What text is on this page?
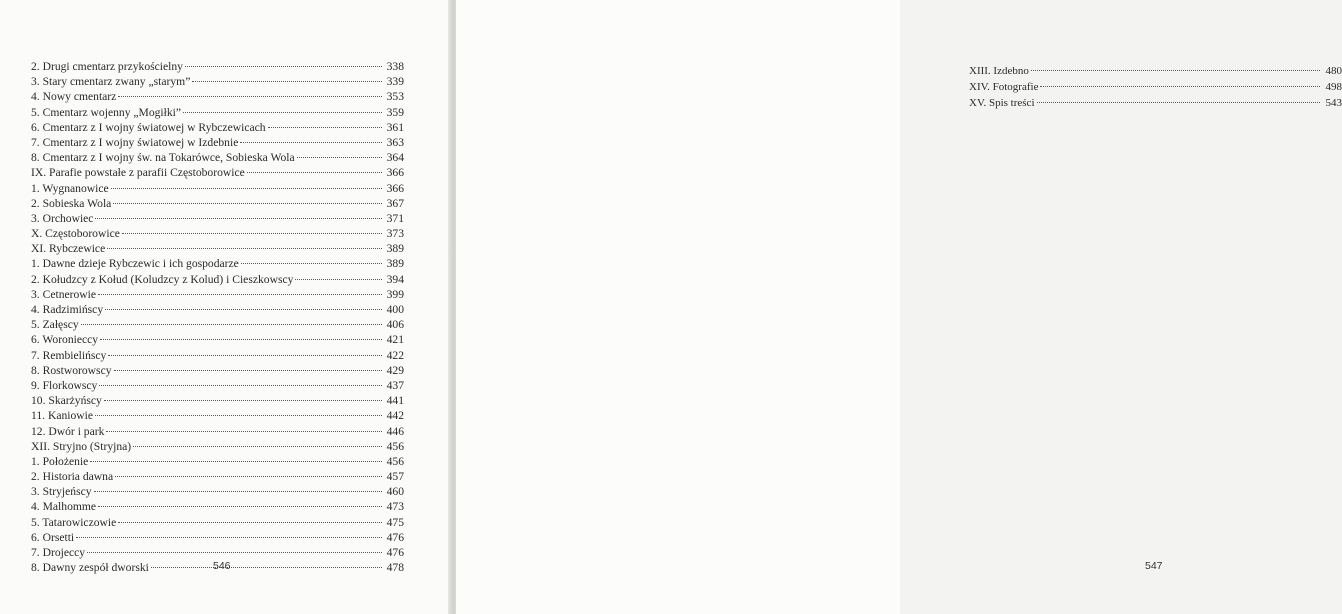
2. Drugi cmentarz przykościelny	338
3. Stary cmentarz zwany „starym”	339
4. Nowy cmentarz	353
5. Cmentarz wojenny „Mogiłki”	359
6. Cmentarz z I wojny światowej w Rybczewicach	361
7. Cmentarz z I wojny światowej w Izdebnie	363
8. Cmentarz z I wojny św. na Tokarówce, Sobieska Wola	364
IX. Parafie powstałe z parafii Częstoborowice	366
1. Wygnanowice	366
2. Sobieska Wola	367
3. Orchowiec	371
X. Częstoborowice	373
XI. Rybczewice	389
1. Dawne dzieje Rybczewic i ich gospodarze	389
2. Kołudzcy z Kołud (Koludzcy z Kolud) i Cieszkowscy	394
3. Cetnerowie	399
4. Radzimińscy	400
5. Załęscy	406
6. Woronieccy	421
7. Rembielińscy	422
8. Rostworowscy	429
9. Florkowscy	437
10. Skarżyńscy	441
11. Kaniowie	442
12. Dwór i park	446
XII. Stryjno (Stryjna)	456
1. Położenie	456
2. Historia dawna	457
3. Stryjeńscy	460
4. Malhomme	473
5. Tatarowiczowie	475
6. Orsetti	476
7. Drojeccy	476
8. Dawny zespół dworski	478
546
XIII. Izdebno	480
XIV. Fotografie	498
XV. Spis treści	543
547
